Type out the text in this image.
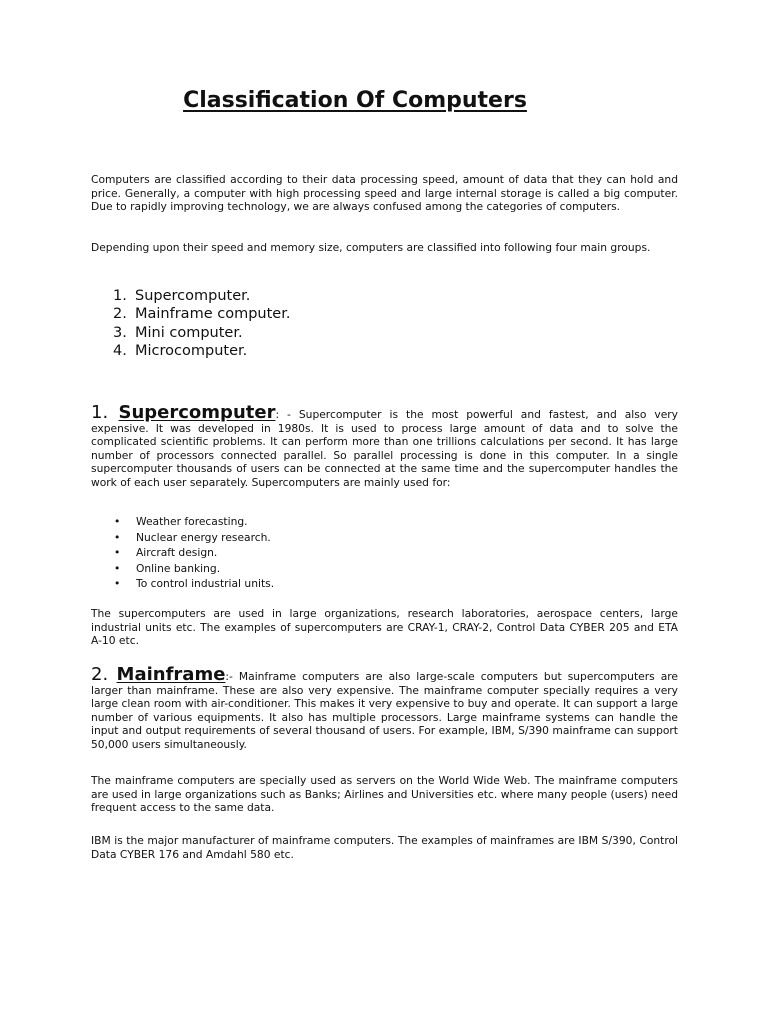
Classification Of Computers

Computers are classified according to their data processing speed, amount of data that they can hold and price. Generally, a computer with high processing speed and large internal storage is called a big computer. Due to rapidly improving technology, we are always confused among the categories of computers.

Depending upon their speed and memory size, computers are classified into following four main groups.

1. Supercomputer.
2. Mainframe computer.
3. Mini computer.
4. Microcomputer.

1. Supercomputer: - Supercomputer is the most powerful and fastest, and also very expensive. It was developed in 1980s. It is used to process large amount of data and to solve the complicated scientific problems. It can perform more than one trillions calculations per second. It has large number of processors connected parallel. So parallel processing is done in this computer. In a single supercomputer thousands of users can be connected at the same time and the supercomputer handles the work of each user separately. Supercomputers are mainly used for:

• Weather forecasting.
• Nuclear energy research.
• Aircraft design.
• Online banking.
• To control industrial units.

The supercomputers are used in large organizations, research laboratories, aerospace centers, large industrial units etc. The examples of supercomputers are CRAY-1, CRAY-2, Control Data CYBER 205 and ETA A-10 etc.

2. Mainframe:- Mainframe computers are also large-scale computers but supercomputers are larger than mainframe. These are also very expensive. The mainframe computer specially requires a very large clean room with air-conditioner. This makes it very expensive to buy and operate. It can support a large number of various equipments. It also has multiple processors. Large mainframe systems can handle the input and output requirements of several thousand of users. For example, IBM, S/390 mainframe can support 50,000 users simultaneously.

The mainframe computers are specially used as servers on the World Wide Web. The mainframe computers are used in large organizations such as Banks; Airlines and Universities etc. where many people (users) need frequent access to the same data.

IBM is the major manufacturer of mainframe computers. The examples of mainframes are IBM S/390, Control Data CYBER 176 and Amdahl 580 etc.
